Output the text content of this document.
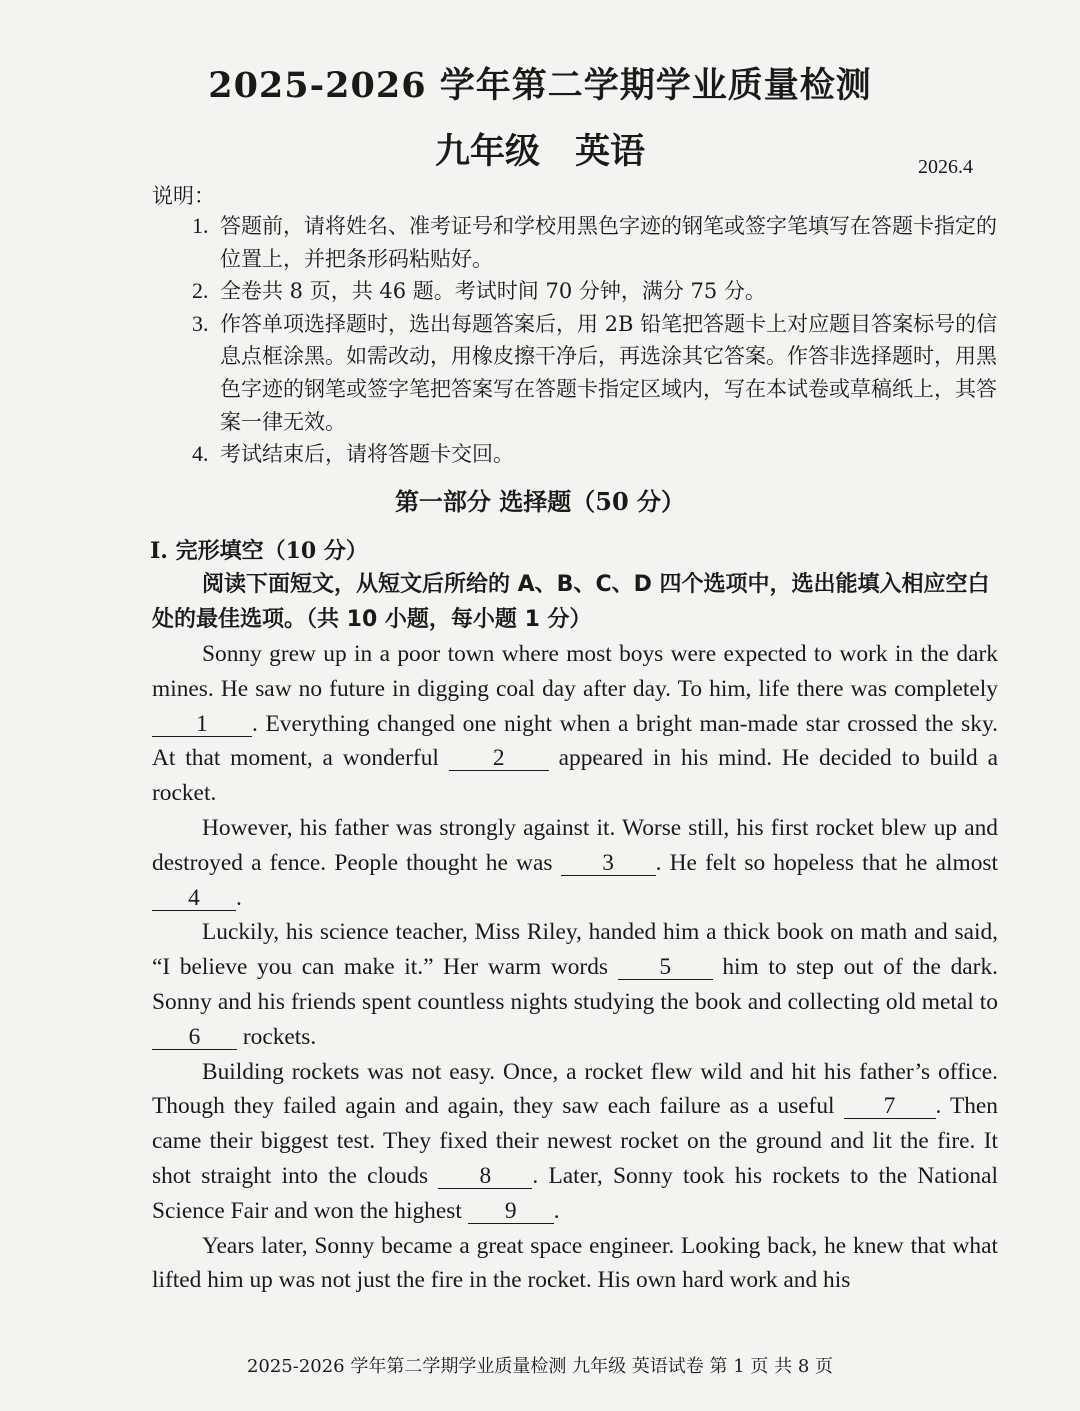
2025-2026 学年第二学期学业质量检测
九年级　英语	2026.4
说明：
1. 答题前，请将姓名、准考证号和学校用黑色字迹的钢笔或签字笔填写在答题卡指定的位置上，并把条形码粘贴好。
2. 全卷共 8 页，共 46 题。考试时间 70 分钟，满分 75 分。
3. 作答单项选择题时，选出每题答案后，用 2B 铅笔把答题卡上对应题目答案标号的信息点框涂黑。如需改动，用橡皮擦干净后，再选涂其它答案。作答非选择题时，用黑色字迹的钢笔或签字笔把答案写在答题卡指定区域内，写在本试卷或草稿纸上，其答案一律无效。
4. 考试结束后，请将答题卡交回。
第一部分 选择题（50 分）
I. 完形填空（10 分）
阅读下面短文，从短文后所给的 A、B、C、D 四个选项中，选出能填入相应空白处的最佳选项。（共 10 小题，每小题 1 分）

Sonny grew up in a poor town where most boys were expected to work in the dark mines. He saw no future in digging coal day after day. To him, life there was completely 1 . Everything changed one night when a bright man-made star crossed the sky. At that moment, a wonderful 2 appeared in his mind. He decided to build a rocket.

However, his father was strongly against it. Worse still, his first rocket blew up and destroyed a fence. People thought he was 3 . He felt so hopeless that he almost 4 .

Luckily, his science teacher, Miss Riley, handed him a thick book on math and said, “I believe you can make it.” Her warm words 5 him to step out of the dark. Sonny and his friends spent countless nights studying the book and collecting old metal to 6 rockets.

Building rockets was not easy. Once, a rocket flew wild and hit his father’s office. Though they failed again and again, they saw each failure as a useful 7 . Then came their biggest test. They fixed their newest rocket on the ground and lit the fire. It shot straight into the clouds 8 . Later, Sonny took his rockets to the National Science Fair and won the highest 9 .

Years later, Sonny became a great space engineer. Looking back, he knew that what lifted him up was not just the fire in the rocket. His own hard work and his

2025-2026 学年第二学期学业质量检测 九年级 英语试卷 第 1 页 共 8 页
